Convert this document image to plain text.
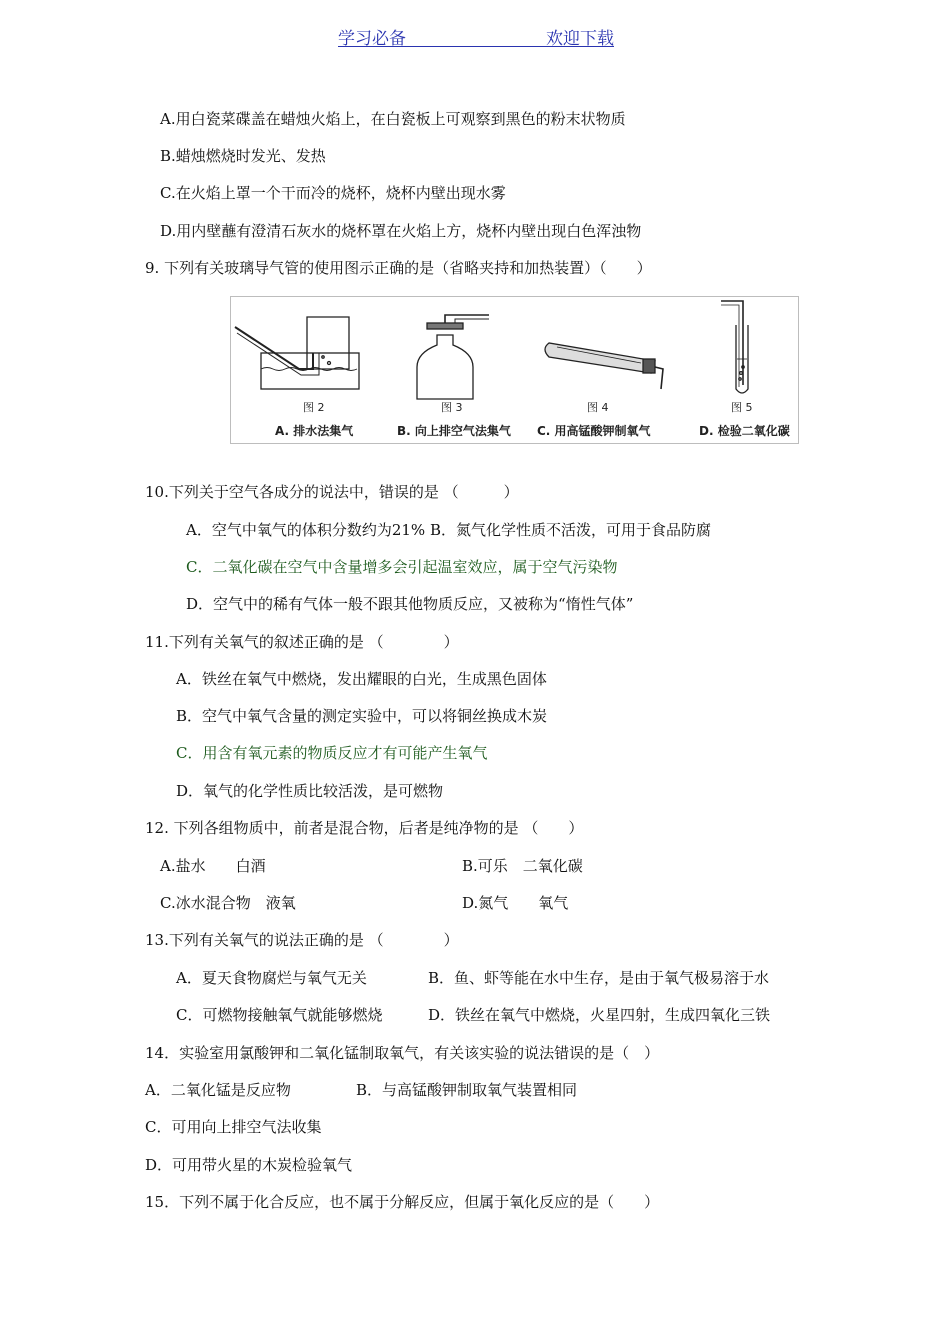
学习必备	欢迎下载
A.用白瓷菜碟盖在蜡烛火焰上，在白瓷板上可观察到黑色的粉末状物质
B.蜡烛燃烧时发光、发热
C.在火焰上罩一个干而冷的烧杯，烧杯内壁出现水雾
D.用内壁蘸有澄清石灰水的烧杯罩在火焰上方，烧杯内壁出现白色浑浊物
9. 下列有关玻璃导气管的使用图示正确的是（省略夹持和加热装置）（　　）
图 2
A. 排水法集气
图 3
B. 向上排空气法集气
图 4
C. 用高锰酸钾制氧气
图 5
D. 检验二氧化碳
10.下列关于空气各成分的说法中，错误的是 （　　　）
A．空气中氧气的体积分数约为21% B．氮气化学性质不活泼，可用于食品防腐
C．二氧化碳在空气中含量增多会引起温室效应，属于空气污染物
D．空气中的稀有气体一般不跟其他物质反应，又被称为“惰性气体”
11.下列有关氧气的叙述正确的是 （　　　　）
A．铁丝在氧气中燃烧，发出耀眼的白光，生成黑色固体
B．空气中氧气含量的测定实验中，可以将铜丝换成木炭
C．用含有氧元素的物质反应才有可能产生氧气
D．氧气的化学性质比较活泼，是可燃物
12. 下列各组物质中，前者是混合物，后者是纯净物的是 （　　）
A.盐水　　白酒	B.可乐　二氧化碳
C.冰水混合物　液氧	D.氮气　　氧气
13.下列有关氧气的说法正确的是 （　　　　）
A．夏天食物腐烂与氧气无关	B．鱼、虾等能在水中生存，是由于氧气极易溶于水
C．可燃物接触氧气就能够燃烧	D．铁丝在氧气中燃烧，火星四射，生成四氧化三铁
14．实验室用氯酸钾和二氧化锰制取氧气，有关该实验的说法错误的是（　）
A．二氧化锰是反应物	B．与高锰酸钾制取氧气装置相同
C．可用向上排空气法收集
D．可用带火星的木炭检验氧气
15．下列不属于化合反应，也不属于分解反应，但属于氧化反应的是（　　）
